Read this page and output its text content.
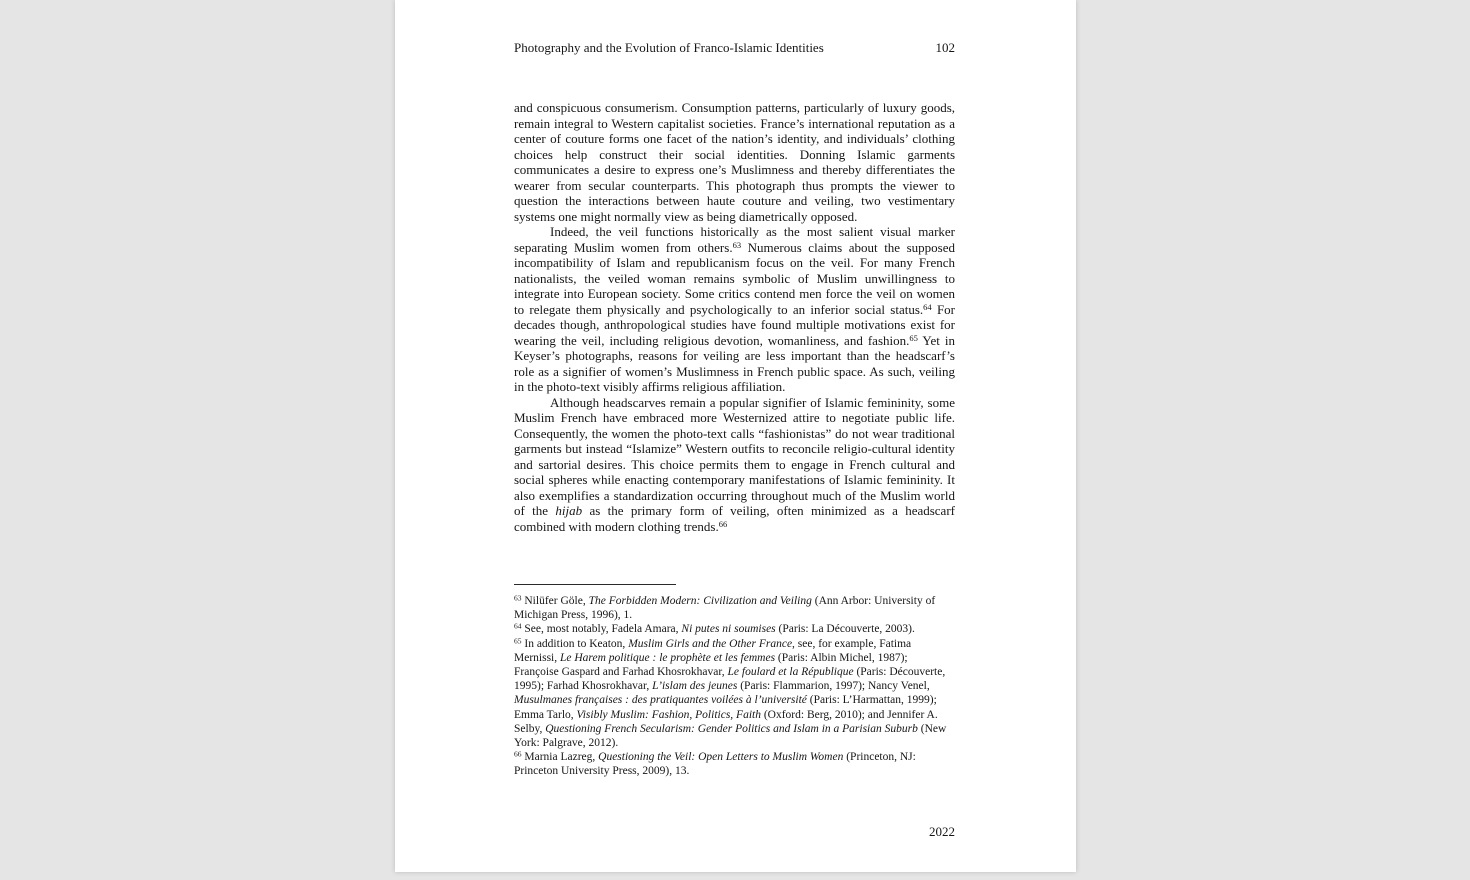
Photography and the Evolution of Franco-Islamic Identities	102

and conspicuous consumerism. Consumption patterns, particularly of luxury goods, remain integral to Western capitalist societies. France’s international reputation as a center of couture forms one facet of the nation’s identity, and individuals’ clothing choices help construct their social identities. Donning Islamic garments communicates a desire to express one’s Muslimness and thereby differentiates the wearer from secular counterparts. This photograph thus prompts the viewer to question the interactions between haute couture and veiling, two vestimentary systems one might normally view as being diametrically opposed.

Indeed, the veil functions historically as the most salient visual marker separating Muslim women from others.$^{63}$ Numerous claims about the supposed incompatibility of Islam and republicanism focus on the veil. For many French nationalists, the veiled woman remains symbolic of Muslim unwillingness to integrate into European society. Some critics contend men force the veil on women to relegate them physically and psychologically to an inferior social status.$^{64}$ For decades though, anthropological studies have found multiple motivations exist for wearing the veil, including religious devotion, womanliness, and fashion.$^{65}$ Yet in Keyser’s photographs, reasons for veiling are less important than the headscarf’s role as a signifier of women’s Muslimness in French public space. As such, veiling in the photo-text visibly affirms religious affiliation.

Although headscarves remain a popular signifier of Islamic femininity, some Muslim French have embraced more Westernized attire to negotiate public life. Consequently, the women the photo-text calls “fashionistas” do not wear traditional garments but instead “Islamize” Western outfits to reconcile religio-cultural identity and sartorial desires. This choice permits them to engage in French cultural and social spheres while enacting contemporary manifestations of Islamic femininity. It also exemplifies a standardization occurring throughout much of the Muslim world of the hijab as the primary form of veiling, often minimized as a headscarf combined with modern clothing trends.$^{66}$

$^{63}$ Nilüfer Göle, The Forbidden Modern: Civilization and Veiling (Ann Arbor: University of Michigan Press, 1996), 1.

$^{64}$ See, most notably, Fadela Amara, Ni putes ni soumises (Paris: La Découverte, 2003).

$^{65}$ In addition to Keaton, Muslim Girls and the Other France, see, for example, Fatima Mernissi, Le Harem politique : le prophète et les femmes (Paris: Albin Michel, 1987); Françoise Gaspard and Farhad Khosrokhavar, Le foulard et la République (Paris: Découverte, 1995); Farhad Khosrokhavar, L’islam des jeunes (Paris: Flammarion, 1997); Nancy Venel, Musulmanes françaises : des pratiquantes voilées à l’université (Paris: L’Harmattan, 1999); Emma Tarlo, Visibly Muslim: Fashion, Politics, Faith (Oxford: Berg, 2010); and Jennifer A. Selby, Questioning French Secularism: Gender Politics and Islam in a Parisian Suburb (New York: Palgrave, 2012).

$^{66}$ Marnia Lazreg, Questioning the Veil: Open Letters to Muslim Women (Princeton, NJ: Princeton University Press, 2009), 13.

2022
